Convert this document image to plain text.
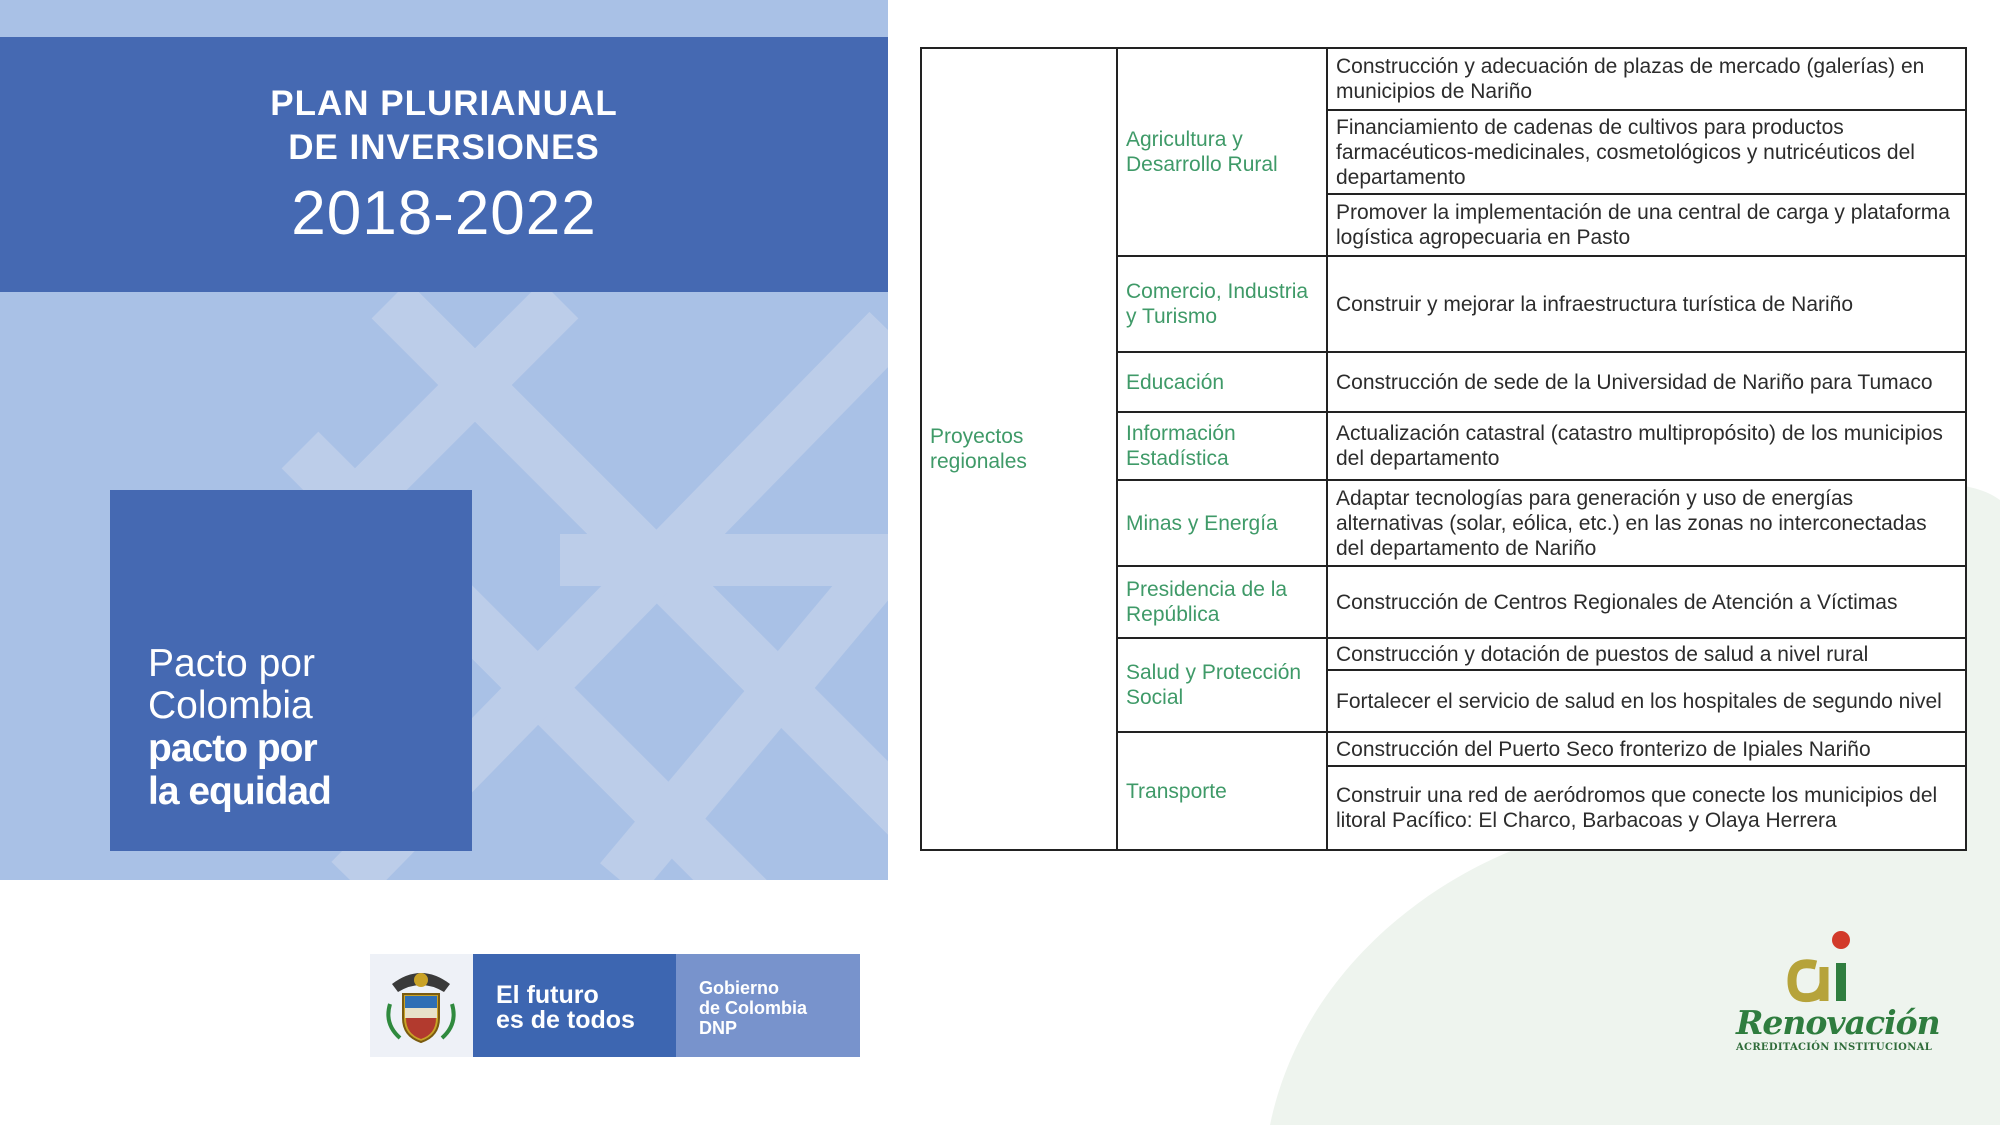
PLAN PLURIANUAL
DE INVERSIONES
2018-2022
Pacto por
Colombia
pacto por
la equidad
El futuro
es de todos
Gobierno
de Colombia
DNP
Proyectos regionales
Agricultura y Desarrollo Rural
Comercio, Industria y Turismo
Educación
Información Estadística
Minas y Energía
Presidencia de la República
Salud y Protección Social
Transporte
Construcción y adecuación de plazas de mercado (galerías) en municipios de Nariño
Financiamiento de cadenas de cultivos para productos farmacéuticos-medicinales, cosmetológicos y nutricéuticos del departamento
Promover la implementación de una central de carga y plataforma logística agropecuaria en Pasto
Construir y mejorar la infraestructura turística de Nariño
Construcción de sede de la Universidad de Nariño para Tumaco
Actualización catastral (catastro multipropósito) de los municipios del departamento
Adaptar tecnologías para generación y uso de energías alternativas (solar, eólica, etc.) en las zonas no interconectadas del departamento de Nariño
Construcción de Centros Regionales de Atención a Víctimas
Construcción y dotación de puestos de salud a nivel rural
Fortalecer el servicio de salud en los hospitales de segundo nivel
Construcción del Puerto Seco fronterizo de Ipiales Nariño
Construir una red de aeródromos que conecte los municipios del litoral Pacífico: El Charco, Barbacoas y Olaya Herrera
Renovación
ACREDITACIÓN INSTITUCIONAL
